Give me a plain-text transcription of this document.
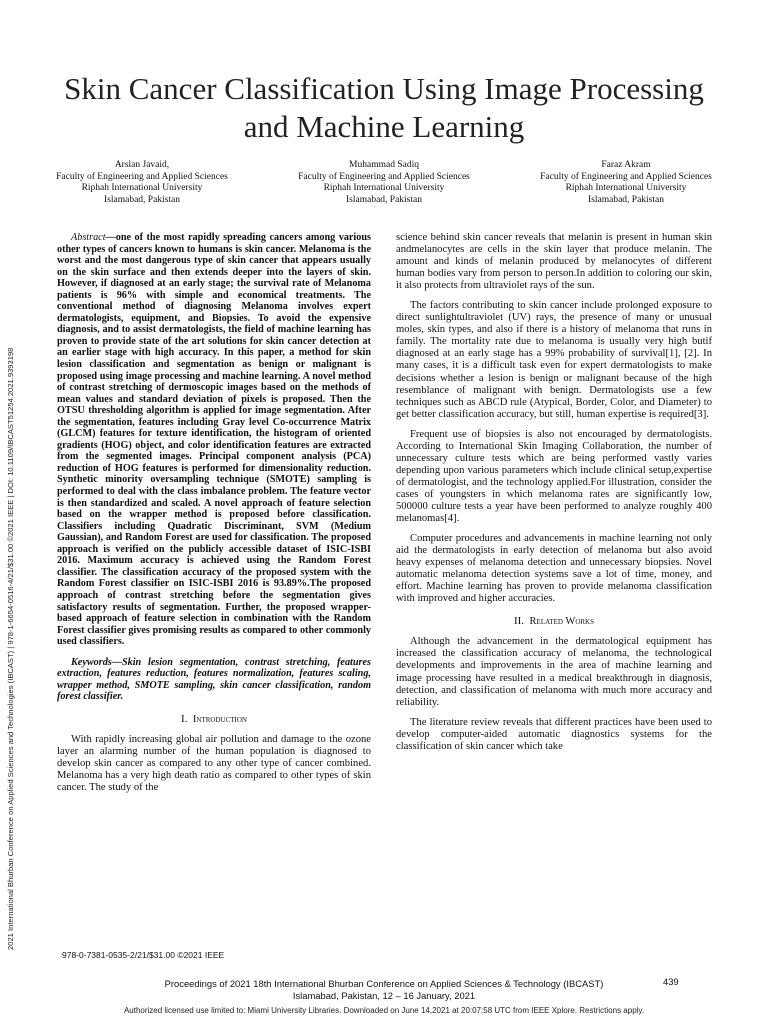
Skin Cancer Classification Using Image Processing
and Machine Learning
Arslan Javaid,
Faculty of Engineering and Applied Sciences
Riphah International University
Islamabad, Pakistan
Muhammad Sadiq
Faculty of Engineering and Applied Sciences
Riphah International University
Islamabad, Pakistan
Faraz Akram
Faculty of Engineering and Applied Sciences
Riphah International University
Islamabad, Pakistan
2021 International Bhurban Conference on Applied Sciences and Technologies (IBCAST) | 978-1-6654-0516-4/21/$31.00 ©2021 IEEE | DOI: 10.1109/IBCAST51254.2021.9393198

Abstract—one of the most rapidly spreading cancers among various other types of cancers known to humans is skin cancer. Melanoma is the worst and the most dangerous type of skin cancer that appears usually on the skin surface and then extends deeper into the layers of skin. However, if diagnosed at an early stage; the survival rate of Melanoma patients is 96% with simple and economical treatments. The conventional method of diagnosing Melanoma involves expert dermatologists, equipment, and Biopsies. To avoid the expensive diagnosis, and to assist dermatologists, the field of machine learning has proven to provide state of the art solutions for skin cancer detection at an earlier stage with high accuracy. In this paper, a method for skin lesion classification and segmentation as benign or malignant is proposed using image processing and machine learning. A novel method of contrast stretching of dermoscopic images based on the methods of mean values and standard deviation of pixels is proposed. Then the OTSU thresholding algorithm is applied for image segmentation. After the segmentation, features including Gray level Co-occurrence Matrix (GLCM) features for texture identification, the histogram of oriented gradients (HOG) object, and color identification features are extracted from the segmented images. Principal component analysis (PCA) reduction of HOG features is performed for dimensionality reduction. Synthetic minority oversampling technique (SMOTE) sampling is performed to deal with the class imbalance problem. The feature vector is then standardized and scaled. A novel approach of feature selection based on the wrapper method is proposed before classification. Classifiers including Quadratic Discriminant, SVM (Medium Gaussian), and Random Forest are used for classification. The proposed approach is verified on the publicly accessible dataset of ISIC-ISBI 2016. Maximum accuracy is achieved using the Random Forest classifier. The classification accuracy of the proposed system with the Random Forest classifier on ISIC-ISBI 2016 is 93.89%.The proposed approach of contrast stretching before the segmentation gives satisfactory results of segmentation. Further, the proposed wrapper-based approach of feature selection in combination with the Random Forest classifier gives promising results as compared to other commonly used classifiers.

Keywords—Skin lesion segmentation, contrast stretching, features extraction, features reduction, features normalization, features scaling, wrapper method, SMOTE sampling, skin cancer classification, random forest classifier.

I. Introduction

With rapidly increasing global air pollution and damage to the ozone layer an alarming number of the human population is diagnosed to develop skin cancer as compared to any other type of cancer combined. Melanoma has a very high death ratio as compared to other types of skin cancer. The study of the

science behind skin cancer reveals that melanin is present in human skin andmelanocytes are cells in the skin layer that produce melanin. The amount and kinds of melanin produced by melanocytes of different human bodies vary from person to person.In addition to coloring our skin, it also protects from ultraviolet rays of the sun.

The factors contributing to skin cancer include prolonged exposure to direct sunlightultraviolet (UV) rays, the presence of many or unusual moles, skin types, and also if there is a history of melanoma that runs in family. The mortality rate due to melanoma is usually very high butif diagnosed at an early stage has a 99% probability of survival[1], [2]. In many cases, it is a difficult task even for expert dermatologists to make decisions whether a lesion is benign or malignant because of the high resemblance of malignant with benign. Dermatologists use a few techniques such as ABCD rule (Atypical, Border, Color, and Diameter) to get better classification accuracy, but still, human expertise is required[3].

Frequent use of biopsies is also not encouraged by dermatologists. According to International Skin Imaging Collaboration, the number of unnecessary culture tests which are being performed vastly varies depending upon various parameters which include clinical setup,expertise of dermatologist, and the technology applied.For illustration, consider the cases of youngsters in which melanoma rates are significantly low, 500000 culture tests a year have been performed to analyze roughly 400 melanomas[4].

Computer procedures and advancements in machine learning not only aid the dermatologists in early detection of melanoma but also avoid heavy expenses of melanoma detection and unnecessary biopsies. Novel automatic melanoma detection systems save a lot of time, money, and effort. Machine learning has proven to provide melanoma classification with improved and higher accuracies.

II. Related Works

Although the advancement in the dermatological equipment has increased the classification accuracy of melanoma, the technological developments and improvements in the area of machine learning and image processing have resulted in a medical breakthrough in diagnosis, detection, and classification of melanoma with much more accuracy and reliability.

The literature review reveals that different practices have been used to develop computer-aided automatic diagnostics systems for the classification of skin cancer which take

978-0-7381-0535-2/21/$31.00 ©2021 IEEE
439
Proceedings of 2021 18th International Bhurban Conference on Applied Sciences & Technology (IBCAST)
Islamabad, Pakistan, 12 – 16 January, 2021
Authorized licensed use limited to: Miami University Libraries. Downloaded on June 14,2021 at 20:07:58 UTC from IEEE Xplore. Restrictions apply.
